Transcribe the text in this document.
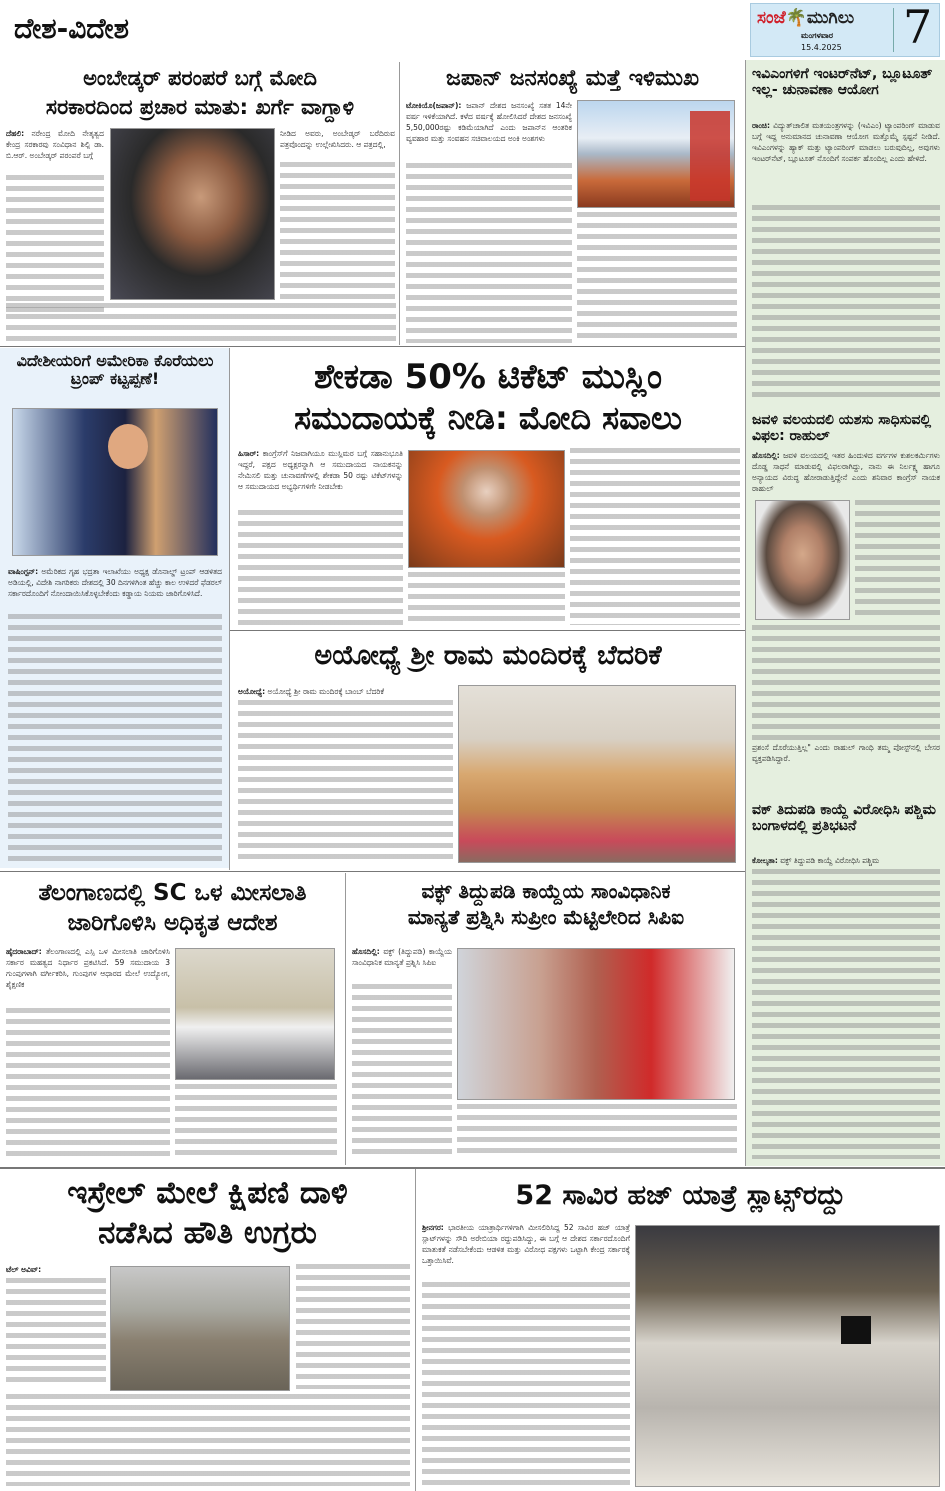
ದೇಶ-ವಿದೇಶ	ಸಂಜೆ🌴ಮುಗಿಲು
ಮಂಗಳವಾರ
15.4.2025 7
ಅಂಬೇಡ್ಕರ್ ಪರಂಪರೆ ಬಗ್ಗೆ ಮೋದಿ
ಸರಕಾರದಿಂದ ಪ್ರಚಾರ ಮಾತು: ಖರ್ಗೆ ವಾಗ್ದಾಳಿ
ದೆಹಲಿ: ನರೇಂದ್ರ ಮೋದಿ ನೇತೃತ್ವದ ಕೇಂದ್ರ ಸರಕಾರವು ಸಂವಿಧಾನ ಶಿಲ್ಪಿ ಡಾ. ಬಿ.ಆರ್. ಅಂಬೇಡ್ಕರ್ ಪರಂಪರೆ ಬಗ್ಗೆ
ನೀಡಿದ ಅವರು, ಅಂಬೇಡ್ಕರ್ ಬರೆದಿರುವ ಪತ್ರವೊಂದನ್ನು ಉಲ್ಲೇಖಿಸಿದರು. ಆ ಪತ್ರದಲ್ಲಿ,
ಜಪಾನ್ ಜನಸಂಖ್ಯೆ ಮತ್ತೆ ಇಳಿಮುಖ
ಟೋಕಿಯೊ(ಜಪಾನ್): ಜಪಾನ್ ದೇಶದ ಜನಸಂಖ್ಯೆ ಸತತ 14ನೇ ವರ್ಷ ಇಳಿಕೆಯಾಗಿದೆ. ಕಳೆದ ವರ್ಷಕ್ಕೆ ಹೋಲಿಸಿದರೆ ದೇಶದ ಜನಸಂಖ್ಯೆ 5,50,000ರಷ್ಟು ಕಡಿಮೆಯಾಗಿದೆ ಎಂದು ಜಪಾನ್‌ನ ಆಂತರಿಕ ವ್ಯವಹಾರ ಮತ್ತು ಸಂವಹನ ಸಚಿವಾಲಯದ ಅಂಕಿ ಅಂಶಗಳು
ಇವಿಎಂಗಳಿಗೆ ಇಂಟರ್‌ನೆಟ್, ಬ್ಲೂಟೂತ್ ಇಲ್ಲ- ಚುನಾವಣಾ ಆಯೋಗ
ರಾಂಚಿ: ವಿದ್ಯುತ್‌ಚಾಲಿತ ಮತಯಂತ್ರಗಳನ್ನು (ಇವಿಎಂ) ಟ್ಯಾಂಪರಿಂಗ್ ಮಾಡುವ ಬಗ್ಗೆ ಇದ್ದ ಅನುಮಾನದ ಚುನಾವಣಾ ಆಯೋಗ ಮತ್ತೊಮ್ಮೆ ಸ್ಪಷ್ಟನೆ ನೀಡಿದೆ. ಇವಿಎಂಗಳನ್ನು ಹ್ಯಾಕ್ ಮತ್ತು ಟ್ಯಾಂಪರಿಂಗ್ ಮಾಡಲು ಬರುವುದಿಲ್ಲ, ಅವುಗಳು ಇಂಟರ್‌ನೆಟ್, ಬ್ಲೂಟೂತ್ ನೊಂದಿಗೆ ಸಂಪರ್ಕ ಹೊಂದಿಲ್ಲ ಎಂದು ಹೇಳಿದೆ.
ಜವಳಿ ವಲಯದಲಿ ಯಶಸು ಸಾಧಿಸುವಲ್ಲಿ ವಿಫಲ: ರಾಹುಲ್
ಹೊಸದಿಲ್ಲಿ: ಜವಳಿ ವಲಯದಲ್ಲಿ ಇತರ ಹಿಂದುಳಿದ ವರ್ಗಗಳ ಕುಶಲಕರ್ಮಿಗಳು ದೊಡ್ಡ ಸಾಧನೆ ಮಾಡುವಲ್ಲಿ ವಿಫಲರಾಗಿದ್ದು, ನಾನು ಈ ನಿರ್ಲಕ್ಷ್ಯ ಹಾಗೂ ಅನ್ಯಾಯದ ವಿರುದ್ಧ ಹೋರಾಡುತ್ತಿದ್ದೇನೆ ಎಂದು ಶನಿವಾರ ಕಾಂಗ್ರೆಸ್ ನಾಯಕ ರಾಹುಲ್
ಪ್ರಶಂಸೆ ದೊರೆಯುತ್ತಿಲ್ಲ" ಎಂದು ರಾಹುಲ್ ಗಾಂಧಿ ತಮ್ಮ ಪೋಸ್ಟ್‌ನಲ್ಲಿ ಬೇಸರ ವ್ಯಕ್ತಪಡಿಸಿದ್ದಾರೆ.
ವಕ್ ತಿದುಪಡಿ ಕಾಯ್ದೆ ವಿರೋಧಿಸಿ ಪಶ್ಚಿಮ ಬಂಗಾಳದಲ್ಲಿ ಪ್ರತಿಭಟನೆ
ಕೋಲ್ಕತಾ: ವಕ್ಫ್ ತಿದ್ದುಪಡಿ ಕಾಯ್ದೆ ವಿರೋಧಿಸಿ ಪಶ್ಚಿಮ
ವಿದೇಶೀಯರಿಗೆ ಅಮೇರಿಕಾ ಕೊರೆಯಲು ಟ್ರಂಪ್ ಕಟ್ಟಪ್ಪಣೆ!
ವಾಷಿಂಗ್ಟನ್: ಅಮೆರಿಕದ ಗೃಹ ಭದ್ರತಾ ಇಲಾಖೆಯು ಅಧ್ಯಕ್ಷ ಡೊನಾಲ್ಡ್ ಟ್ರಂಪ್ ಆಡಳಿತದ ಅಡಿಯಲ್ಲಿ, ವಿದೇಶಿ ನಾಗರಿಕರು ದೇಶದಲ್ಲಿ 30 ದಿನಗಳಿಗಿಂತ ಹೆಚ್ಚು ಕಾಲ ಉಳಿದರೆ ಫೆಡರಲ್ ಸರ್ಕಾರದೊಂದಿಗೆ ನೋಂದಾಯಿಸಿಕೊಳ್ಳಬೇಕೆಂದು ಕಡ್ಡಾಯ ನಿಯಮ ಜಾರಿಗೊಳಿಸಿದೆ.
ಶೇಕಡಾ 50% ಟಿಕೆಟ್ ಮುಸ್ಲಿಂ
ಸಮುದಾಯಕ್ಕೆ ನೀಡಿ: ಮೋದಿ ಸವಾಲು
ಹಿಸಾರ್: ಕಾಂಗ್ರೆಸ್‌ಗೆ ನಿಜವಾಗಿಯೂ ಮುಸ್ಲಿಮರ ಬಗ್ಗೆ ಸಹಾನುಭೂತಿ ಇದ್ದರೆ, ಪಕ್ಷದ ಅಧ್ಯಕ್ಷರನ್ನಾಗಿ ಆ ಸಮುದಾಯದ ನಾಯಕನನ್ನು ನೇಮಿಸಲಿ ಮತ್ತು ಚುನಾವಣೆಗಳಲ್ಲಿ ಶೇಕಡಾ 50 ರಷ್ಟು ಟಿಕೆಟ್‌ಗಳನ್ನು ಆ ಸಮುದಾಯದ ಅಭ್ಯರ್ಥಿಗಳಿಗೇ ನೀಡಬೇಕು
ಅಯೋಧ್ಯೆ ಶ್ರೀ ರಾಮ ಮಂದಿರಕ್ಕೆ ಬೆದರಿಕೆ
ಅಯೋಧ್ಯೆ: ಅಯೋಧ್ಯೆ ಶ್ರೀ ರಾಮ ಮಂದಿರಕ್ಕೆ ಬಾಂಬ್ ಬೆದರಿಕೆ
ತೆಲಂಗಾಣದಲ್ಲಿ SC ಒಳ ಮೀಸಲಾತಿ
ಜಾರಿಗೊಳಿಸಿ ಅಧಿಕೃತ ಆದೇಶ
ಹೈದರಾಬಾದ್: ತೆಲಂಗಾಣದಲ್ಲಿ ಎಸ್ಸಿ ಒಳ ಮೀಸಲಾತಿ ಜಾರಿಗೊಳಿಸಿ ಸರ್ಕಾರ ಮಹತ್ವದ ನಿರ್ಧಾರ ಪ್ರಕಟಿಸಿದೆ. 59 ಸಮುದಾಯ 3 ಗುಂಪುಗಳಾಗಿ ವರ್ಗೀಕರಿಸಿ, ಗುಂಪುಗಳ ಆಧಾರದ ಮೇಲೆ ಉದ್ಯೋಗ, ಶೈಕ್ಷಣಿಕ
ವಕ್ಫ್ ತಿದ್ದುಪಡಿ ಕಾಯ್ದೆಯ ಸಾಂವಿಧಾನಿಕ
ಮಾನ್ಯತೆ ಪ್ರಶ್ನಿಸಿ ಸುಪ್ರೀಂ ಮೆಟ್ಟಿಲೇರಿದ ಸಿಪಿಐ
ಹೊಸದಿಲ್ಲಿ: ವಕ್ಫ್ (ತಿದ್ದುಪಡಿ) ಕಾಯ್ದೆಯ ಸಾಂವಿಧಾನಿಕ ಮಾನ್ಯತೆ ಪ್ರಶ್ನಿಸಿ ಸಿಪಿಐ
ಇಸ್ರೇಲ್ ಮೇಲೆ ಕ್ಷಿಪಣಿ ದಾಳಿ
ನಡೆಸಿದ ಹೌತಿ ಉಗ್ರರು
ಟೆಲ್ ಅವಿವ್:
52 ಸಾವಿರ ಹಜ್ ಯಾತ್ರೆ ಸ್ಲಾಟ್ಸ್‌ರದ್ದು
ಶ್ರೀನಗರ: ಭಾರತೀಯ ಯಾತ್ರಾರ್ಥಿಗಳಿಗಾಗಿ ಮೀಸಲಿರಿಸಿದ್ದ 52 ಸಾವಿರ ಹಜ್ ಯಾತ್ರೆ ಸ್ಲಾಟ್‌ಗಳನ್ನು ಸೌದಿ ಅರೇಬಿಯಾ ರದ್ದುಪಡಿಸಿದ್ದು, ಈ ಬಗ್ಗೆ ಆ ದೇಶದ ಸರ್ಕಾರದೊಂದಿಗೆ ಮಾತುಕತೆ ನಡೆಸಬೇಕೆಂದು ಆಡಳಿತ ಮತ್ತು ವಿರೋಧ ಪಕ್ಷಗಳು ಒಟ್ಟಾಗಿ ಕೇಂದ್ರ ಸರ್ಕಾರಕ್ಕೆ ಒತ್ತಾಯಿಸಿವೆ.
